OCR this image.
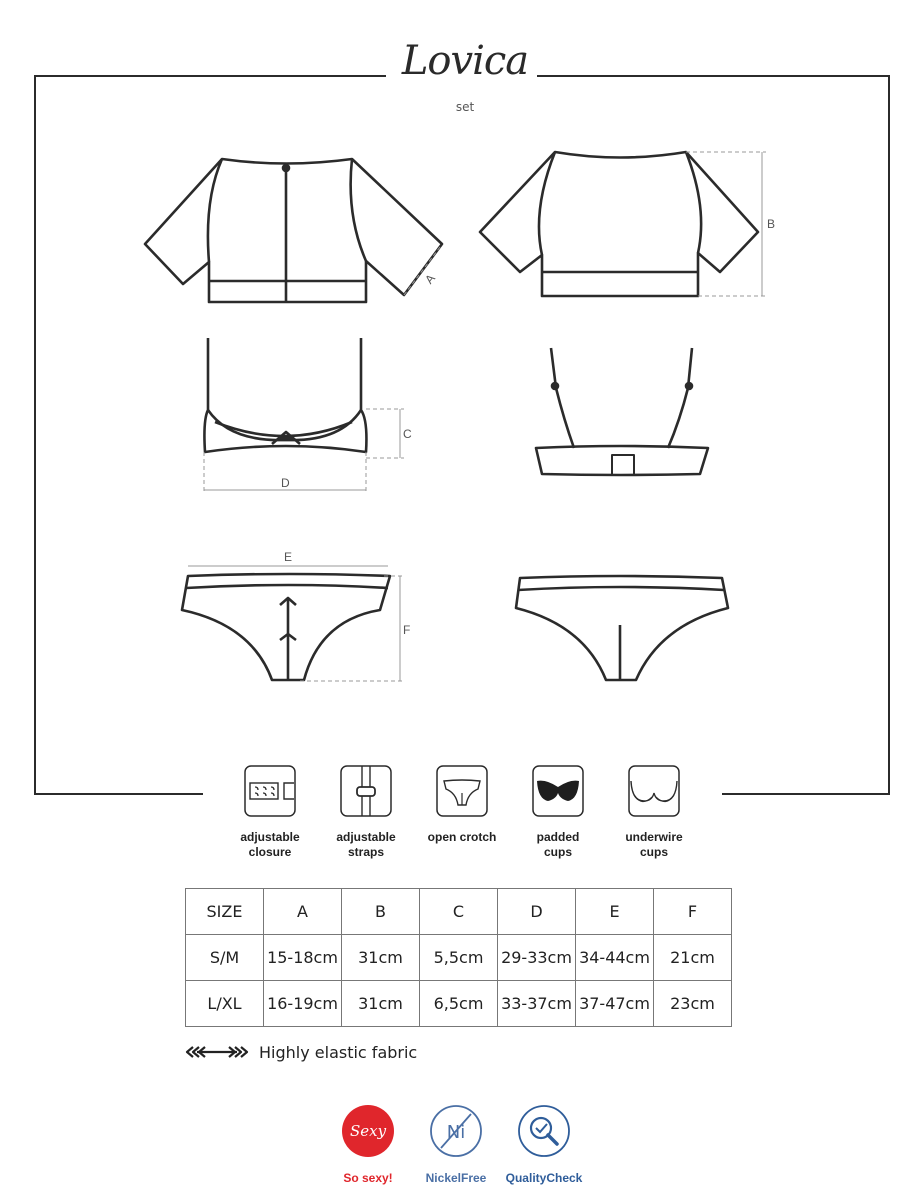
A
B
C
D
E
F
Lovica
set
adjustable
closure
adjustable
straps
open crotch	padded
cups
underwire
cups
SIZE	A	B	C	D	E	F
S/M	15-18cm	31cm	5,5cm	29-33cm	34-44cm	21cm
L/XL	16-19cm	31cm	6,5cm	33-37cm	37-47cm	23cm
Highly elastic fabric
Sexy
So sexy!
Ni
NickelFree	QualityCheck
